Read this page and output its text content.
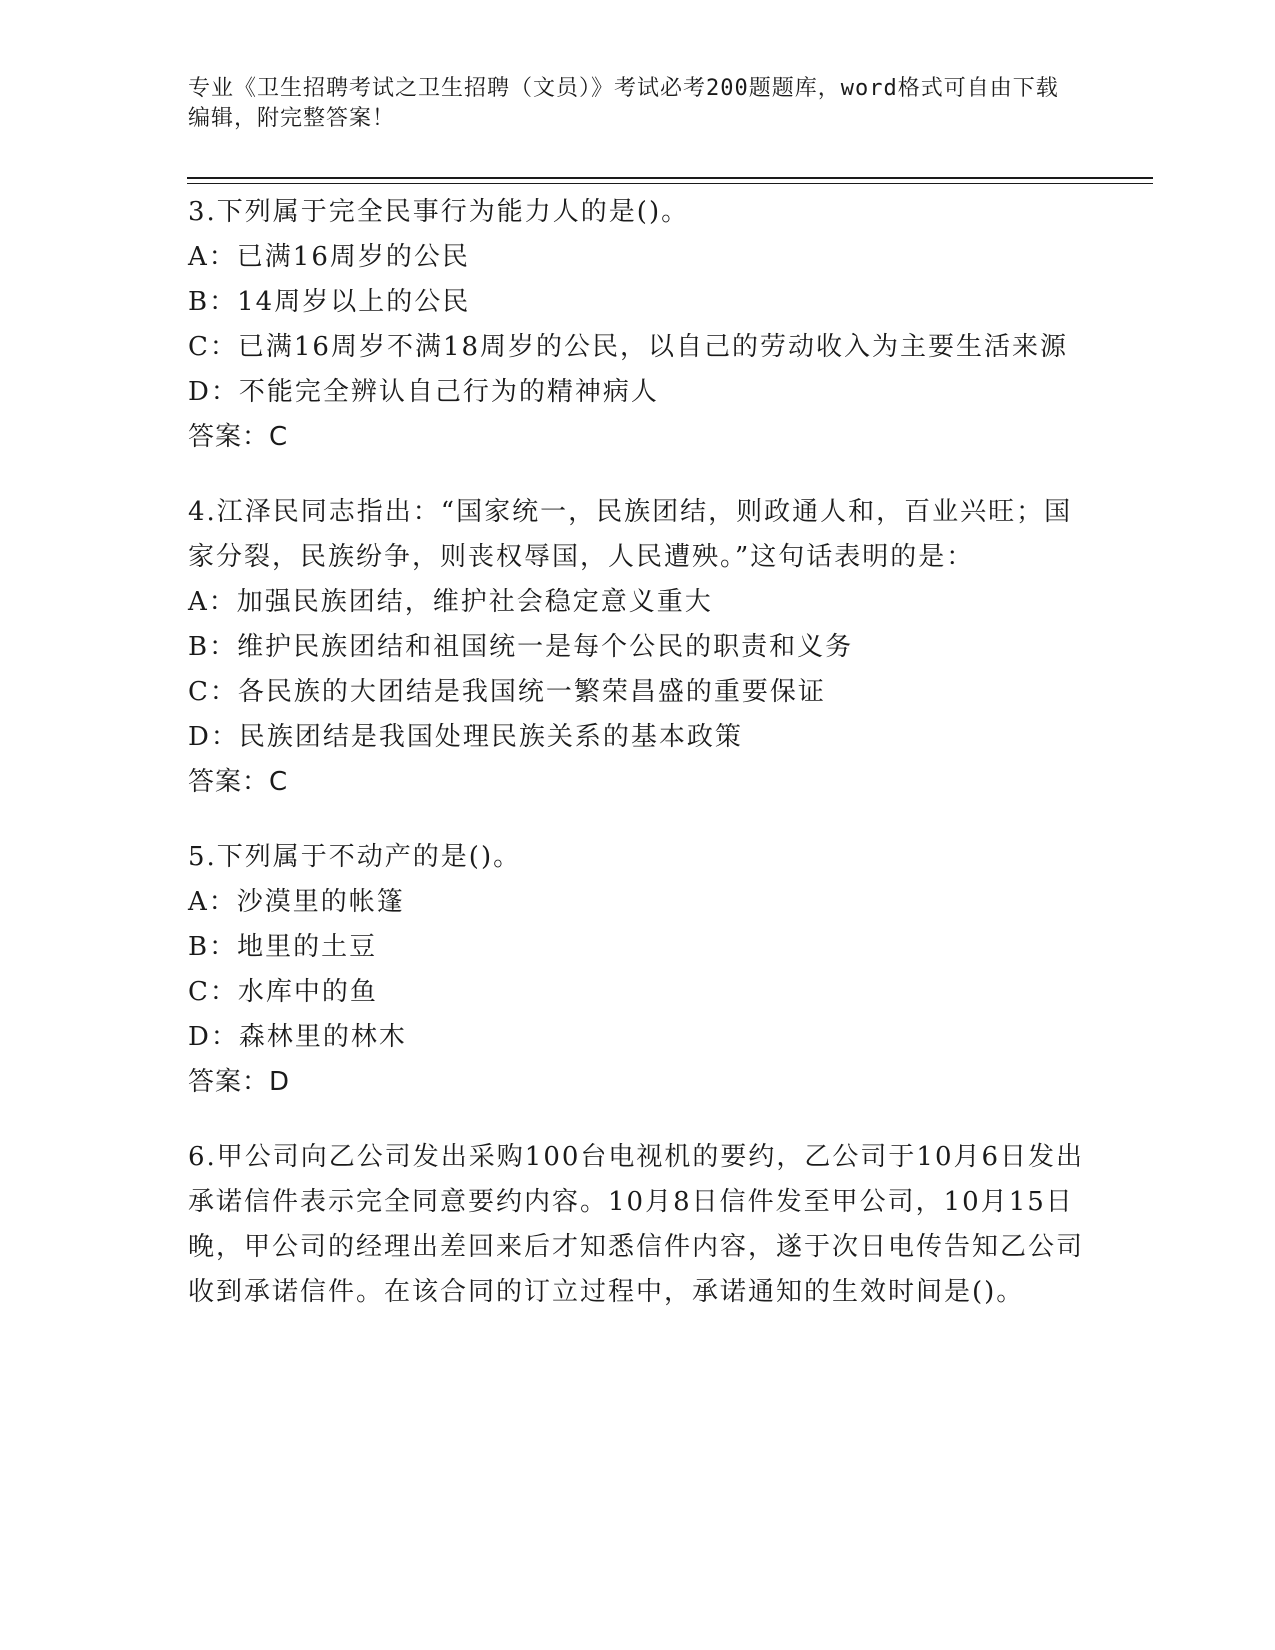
专业《卫生招聘考试之卫生招聘（文员）》考试必考200题题库，word格式可自由下载编辑，附完整答案！
3.下列属于完全民事行为能力人的是()。
A：已满16周岁的公民
B：14周岁以上的公民
C：已满16周岁不满18周岁的公民，以自己的劳动收入为主要生活来源
D：不能完全辨认自己行为的精神病人
答案：C
4.江泽民同志指出：“国家统一，民族团结，则政通人和，百业兴旺；国家分裂，民族纷争，则丧权辱国，人民遭殃。”这句话表明的是：
A：加强民族团结，维护社会稳定意义重大
B：维护民族团结和祖国统一是每个公民的职责和义务
C：各民族的大团结是我国统一繁荣昌盛的重要保证
D：民族团结是我国处理民族关系的基本政策
答案：C
5.下列属于不动产的是()。
A：沙漠里的帐篷
B：地里的土豆
C：水库中的鱼
D：森林里的林木
答案：D
6.甲公司向乙公司发出采购100台电视机的要约，乙公司于10月6日发出承诺信件表示完全同意要约内容。10月8日信件发至甲公司，10月15日晚，甲公司的经理出差回来后才知悉信件内容，遂于次日电传告知乙公司收到承诺信件。在该合同的订立过程中，承诺通知的生效时间是()。
